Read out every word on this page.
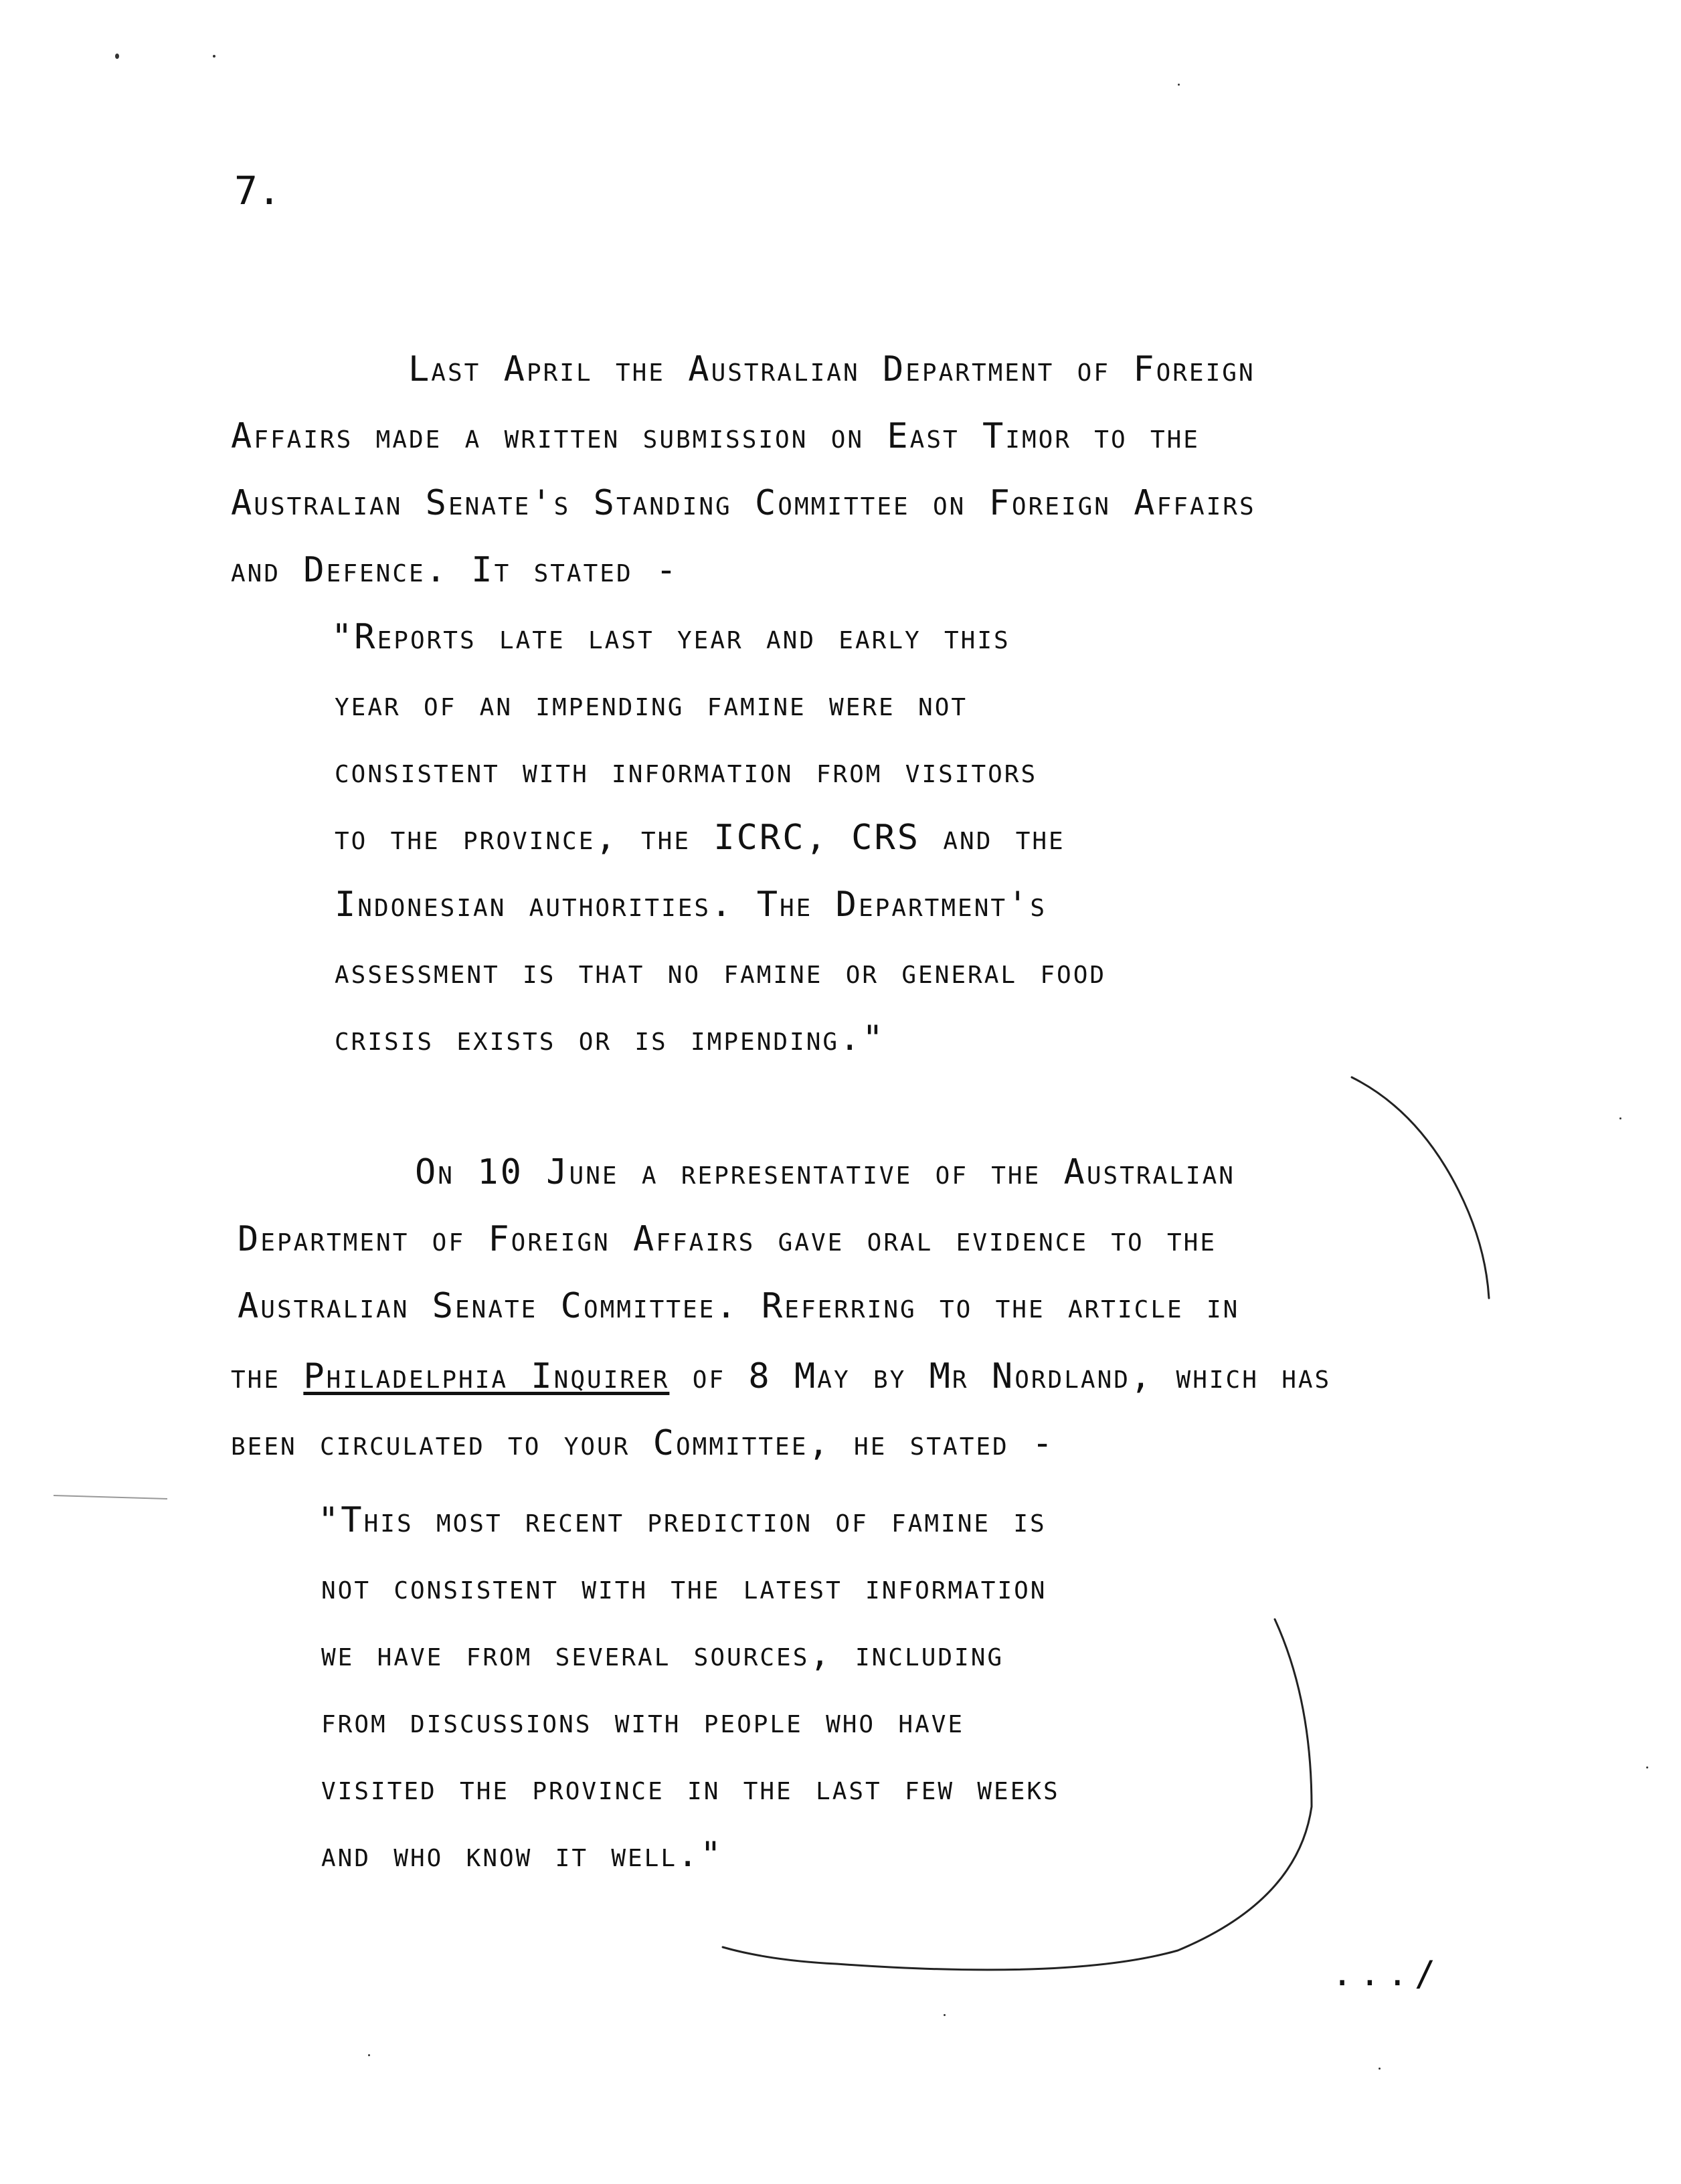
7.
Last April the Australian Department of Foreign
Affairs made a written submission on East Timor to the
Australian Senate's Standing Committee on Foreign Affairs
and Defence. It stated -
"Reports late last year and early this
year of an impending famine were not
consistent with information from visitors
to the province, the ICRC, CRS and the
Indonesian authorities. The Department's
assessment is that no famine or general food
crisis exists or is impending."
On 10 June a representative of the Australian
Department of Foreign Affairs gave oral evidence to the
Australian Senate Committee. Referring to the article in
the Philadelphia Inquirer of 8 May by Mr Nordland, which has
been circulated to your Committee, he stated -
"This most recent prediction of famine is
not consistent with the latest information
we have from several sources, including
from discussions with people who have
visited the province in the last few weeks
and who know it well."
.../
